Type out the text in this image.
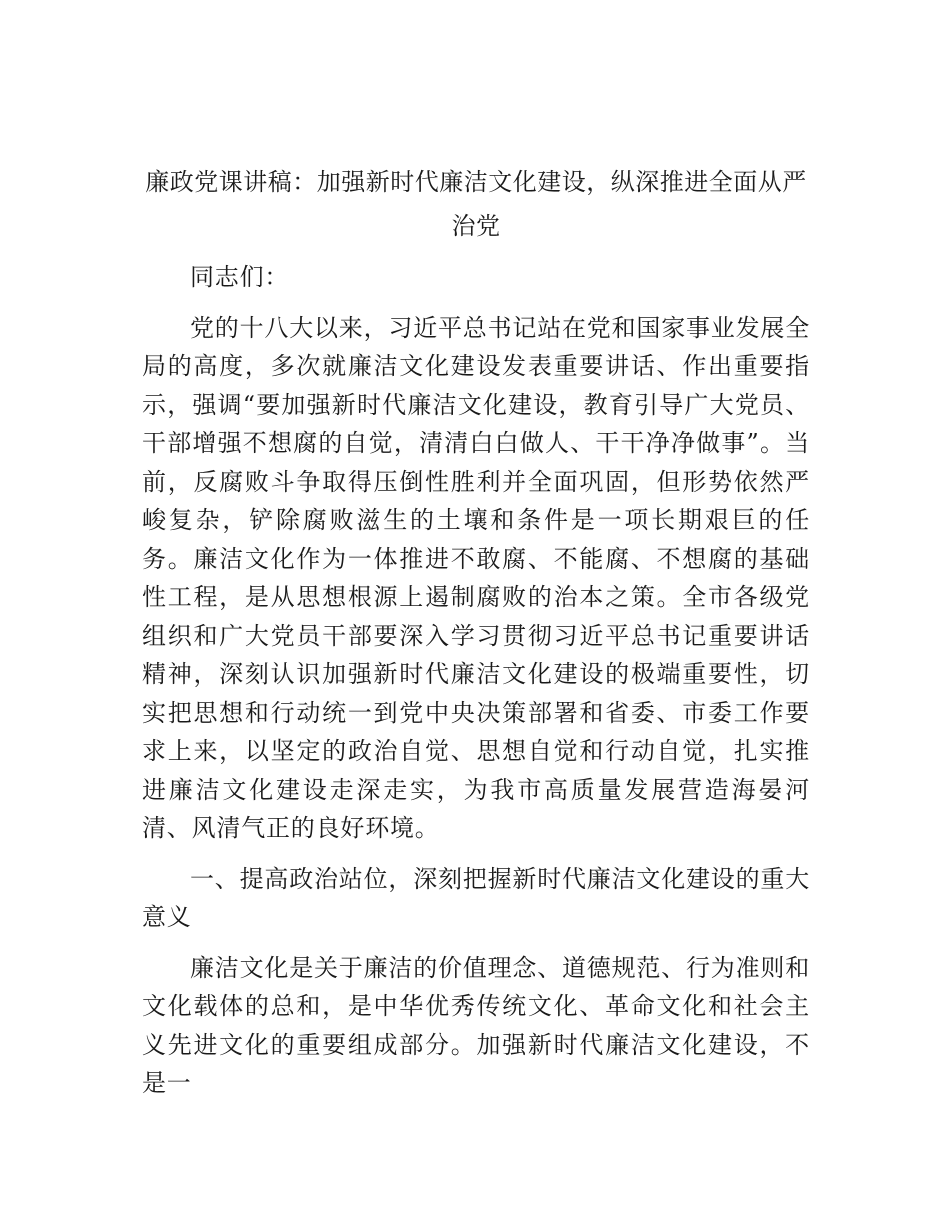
廉政党课讲稿：加强新时代廉洁文化建设，纵深推进全面从严治党

同志们：

党的十八大以来，习近平总书记站在党和国家事业发展全局的高度，多次就廉洁文化建设发表重要讲话、作出重要指示，强调“要加强新时代廉洁文化建设，教育引导广大党员、干部增强不想腐的自觉，清清白白做人、干干净净做事”。当前，反腐败斗争取得压倒性胜利并全面巩固，但形势依然严峻复杂，铲除腐败滋生的土壤和条件是一项长期艰巨的任务。廉洁文化作为一体推进不敢腐、不能腐、不想腐的基础性工程，是从思想根源上遏制腐败的治本之策。全市各级党组织和广大党员干部要深入学习贯彻习近平总书记重要讲话精神，深刻认识加强新时代廉洁文化建设的极端重要性，切实把思想和行动统一到党中央决策部署和省委、市委工作要求上来，以坚定的政治自觉、思想自觉和行动自觉，扎实推进廉洁文化建设走深走实，为我市高质量发展营造海晏河清、风清气正的良好环境。

一、提高政治站位，深刻把握新时代廉洁文化建设的重大意义

廉洁文化是关于廉洁的价值理念、道德规范、行为准则和文化载体的总和，是中华优秀传统文化、革命文化和社会主义先进文化的重要组成部分。加强新时代廉洁文化建设，不是一
